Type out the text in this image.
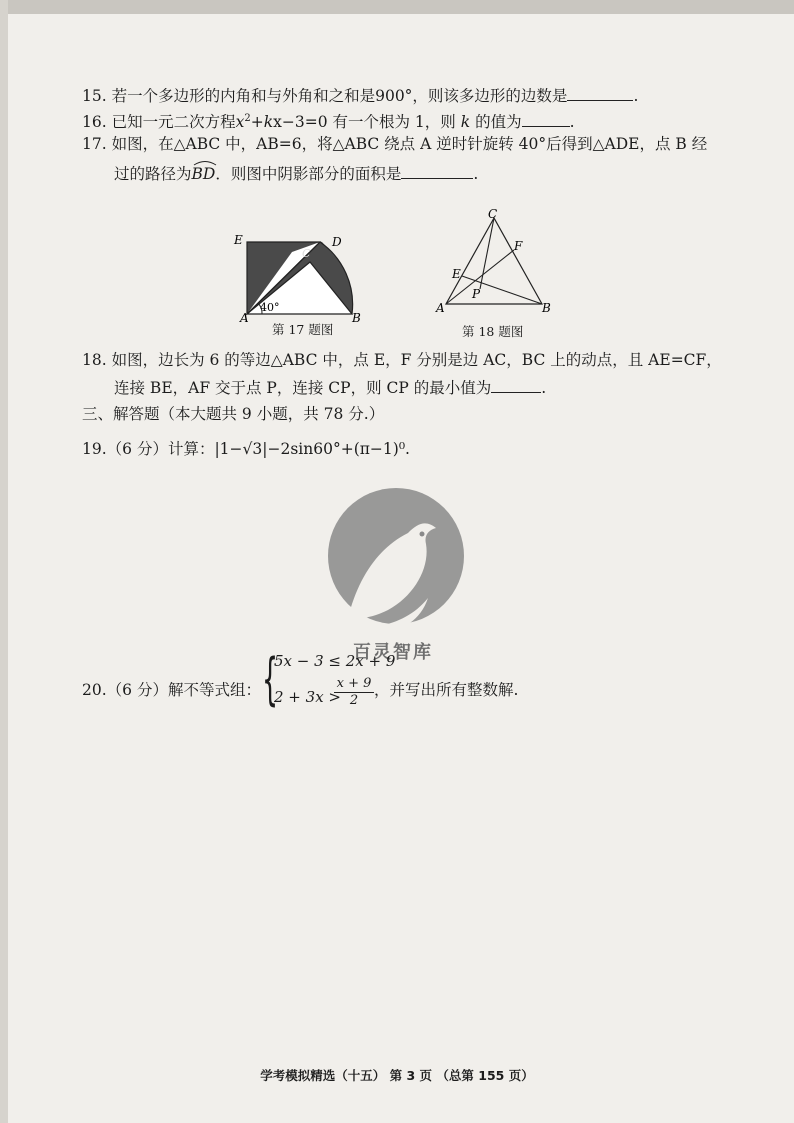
15. 若一个多边形的内角和与外角和之和是900°，则该多边形的边数是	.
16. 已知一元二次方程$x^2+kx-3=0$ 有一个根为 1，则 k 的值为	.
17. 如图，在△ABC 中，AB=6，将△ABC 绕点 A 逆时针旋转 40°后得到△ADE，点 B 经
过的路径为
BD．则图中阴影部分的面积是	.
E	D
C
A	B
40°
第 17 题图
C
F
E
P
A	B
第 18 题图
18. 如图，边长为 6 的等边△ABC 中，点 E，F 分别是边 AC，BC 上的动点，且 AE=CF，
连接 BE，AF 交于点 P，连接 CP，则 CP 的最小值为	.
三、解答题（本大题共 9 小题，共 78 分.）
19.（6 分）计算：|1−√3|−2sin60°+(π−1)⁰.
百灵智库
20.（6 分）解不等式组： {
5x − 3 ≤ 2x + 9
2 + 3x >
x + 9
2
，并写出所有整数解.
学考模拟精选（十五） 第 3 页 （总第 155 页）
